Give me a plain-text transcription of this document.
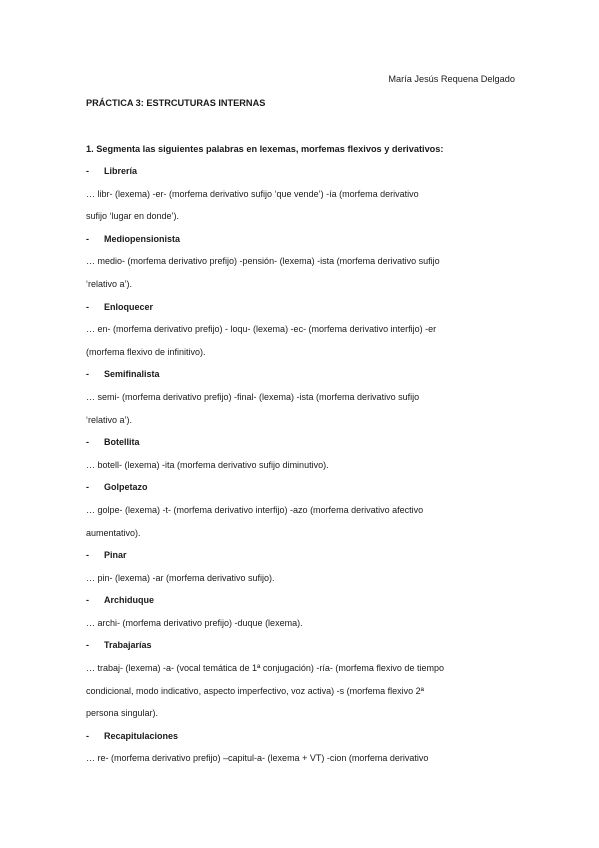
María Jesús Requena Delgado
PRÁCTICA 3: ESTRCUTURAS INTERNAS
1. Segmenta las siguientes palabras en lexemas, morfemas flexivos y derivativos:
-	Librería
… libr- (lexema) -er- (morfema derivativo sufijo ‘que vende’) -ía (morfema derivativo
sufijo ‘lugar en donde’).
-	Mediopensionista
… medio- (morfema derivativo prefijo) -pensión- (lexema) -ista (morfema derivativo sufijo
‘relativo a’).
-	Enloquecer
… en- (morfema derivativo prefijo) - loqu- (lexema) -ec- (morfema derivativo interfijo) -er
(morfema flexivo de infinitivo).
-	Semifinalista
… semi- (morfema derivativo prefijo) -final- (lexema) -ista (morfema derivativo sufijo
‘relativo a’).
-	Botellita
… botell- (lexema) -ita (morfema derivativo sufijo diminutivo).
-	Golpetazo
… golpe- (lexema) -t- (morfema derivativo interfijo) -azo (morfema derivativo afectivo
aumentativo).
-	Pinar
… pin- (lexema) -ar (morfema derivativo sufijo).
-	Archiduque
… archi- (morfema derivativo prefijo) -duque (lexema).
-	Trabajarías
… trabaj- (lexema) -a- (vocal temática de 1ª conjugación) -ría- (morfema flexivo de tiempo
condicional, modo indicativo, aspecto imperfectivo, voz activa) -s (morfema flexivo 2ª
persona singular).
-	Recapitulaciones
… re- (morfema derivativo prefijo) –capitul-a- (lexema + VT) -cion (morfema derivativo
